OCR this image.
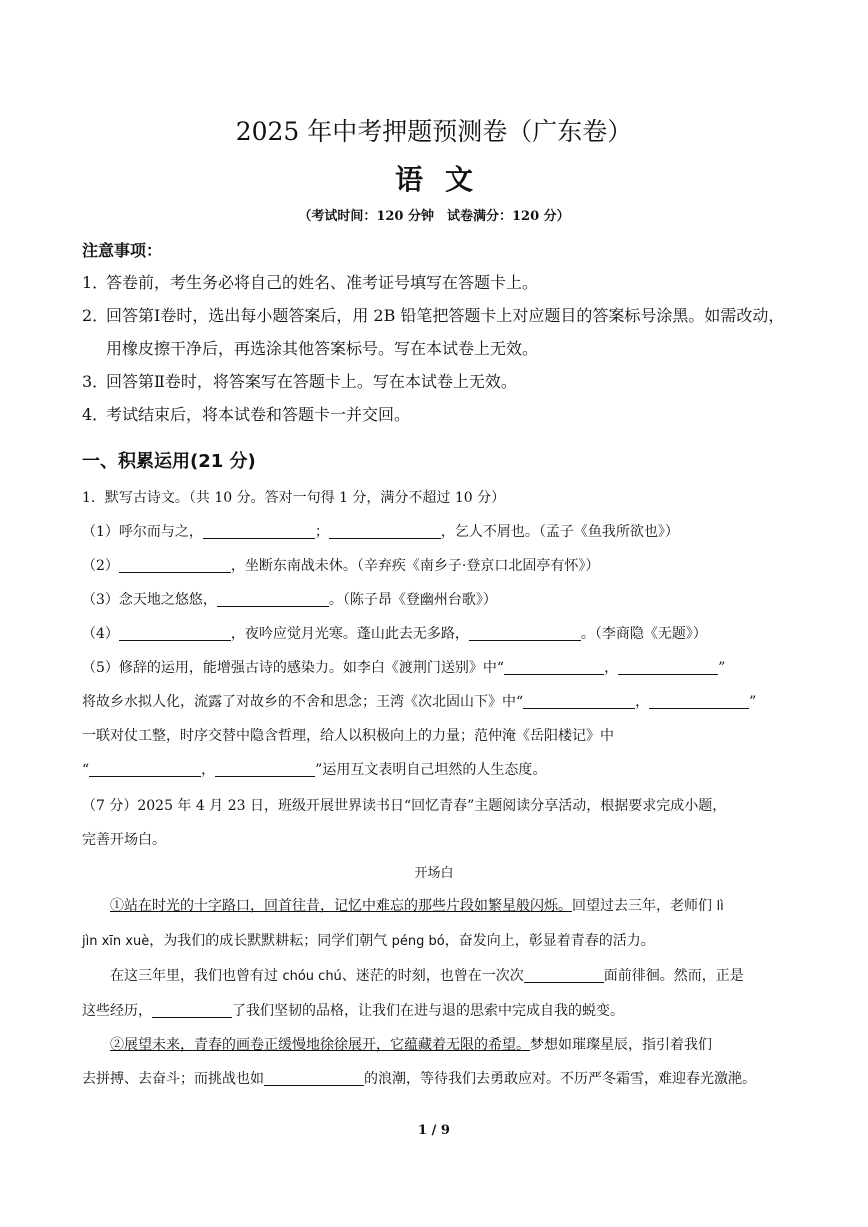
2025 年中考押题预测卷（广东卷）
语文
（考试时间：120 分钟　试卷满分：120 分）
注意事项：
1．
答卷前，考生务必将自己的姓名、准考证号填写在答题卡上。
2．
回答第Ⅰ卷时，选出每小题答案后，用 2B 铅笔把答题卡上对应题目的答案标号涂黑。如需改动，用橡皮擦干净后，再选涂其他答案标号。写在本试卷上无效。
3．
回答第Ⅱ卷时，将答案写在答题卡上。写在本试卷上无效。
4．
考试结束后，将本试卷和答题卡一并交回。
一、积累运用(21 分)
1．默写古诗文。（共 10 分。答对一句得 1 分，满分不超过 10 分）
（1）呼尔而与之，	；	，乞人不屑也。（孟子《鱼我所欲也》）
（2）	，坐断东南战未休。（辛弃疾《南乡子·登京口北固亭有怀》）
（3）念天地之悠悠，	。（陈子昂《登幽州台歌》）
（4）	，夜吟应觉月光寒。蓬山此去无多路，	。（李商隐《无题》）
（5）修辞的运用，能增强古诗的感染力。如李白《渡荆门送别》中“	，	”
将故乡水拟人化，流露了对故乡的不舍和思念；王湾《次北固山下》中“	，	”
一联对仗工整，时序交替中隐含哲理，给人以积极向上的力量；范仲淹《岳阳楼记》中
“	，	”运用互文表明自己坦然的人生态度。
（7 分）2025 年 4 月 23 日，班级开展世界读书日“回忆青春”主题阅读分享活动，根据要求完成小题，
完善开场白。
开场白
①站在时光的十字路口，回首往昔，记忆中难忘的那些片段如繁星般闪烁。回望过去三年，老师们 lì
jìn xīn xuè，为我们的成长默默耕耘；同学们朝气 péng bó，奋发向上，彰显着青春的活力。
在这三年里，我们也曾有过 chóu chú、迷茫的时刻，也曾在一次次	面前徘徊。然而，正是
这些经历，	了我们坚韧的品格，让我们在进与退的思索中完成自我的蜕变。
②展望未来，青春的画卷正缓慢地徐徐展开，它蕴藏着无限的希望。梦想如璀璨星辰，指引着我们
去拼搏、去奋斗；而挑战也如	的浪潮，等待我们去勇敢应对。不历严冬霜雪，难迎春光激滟。
1 / 9
